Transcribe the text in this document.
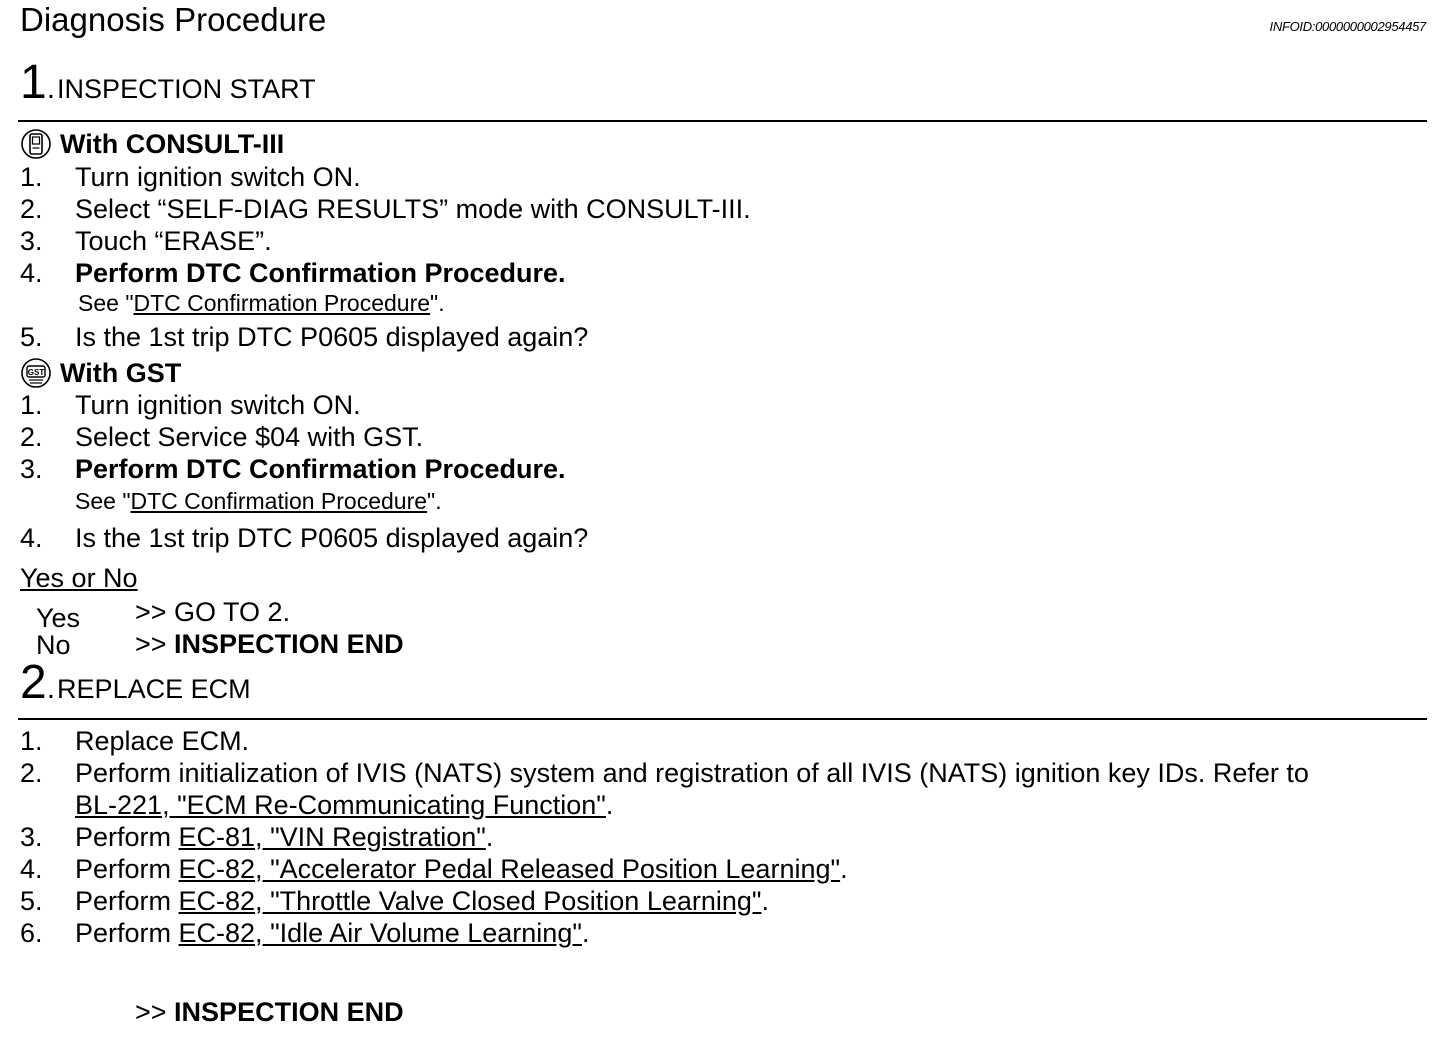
Diagnosis Procedure	INFOID:0000000002954457
1 . INSPECTION START
With CONSULT-III
1. Turn ignition switch ON.
2. Select “SELF-DIAG RESULTS” mode with CONSULT-III.
3. Touch “ERASE”.
4. Perform DTC Confirmation Procedure.
See "DTC Confirmation Procedure".
5. Is the 1st trip DTC P0605 displayed again?
GST With GST
1. Turn ignition switch ON.
2. Select Service $04 with GST.
3. Perform DTC Confirmation Procedure.
See "DTC Confirmation Procedure".
4. Is the 1st trip DTC P0605 displayed again?
Yes or No
Yes >> GO TO 2.
No >> INSPECTION END
2 . REPLACE ECM
1. Replace ECM.
2.	Perform initialization of IVIS (NATS) system and registration of all IVIS (NATS) ignition key IDs. Refer to
BL-221, "ECM Re-Communicating Function".
3. Perform EC-81, "VIN Registration".
4. Perform EC-82, "Accelerator Pedal Released Position Learning".
5. Perform EC-82, "Throttle Valve Closed Position Learning".
6. Perform EC-82, "Idle Air Volume Learning".
>> INSPECTION END
